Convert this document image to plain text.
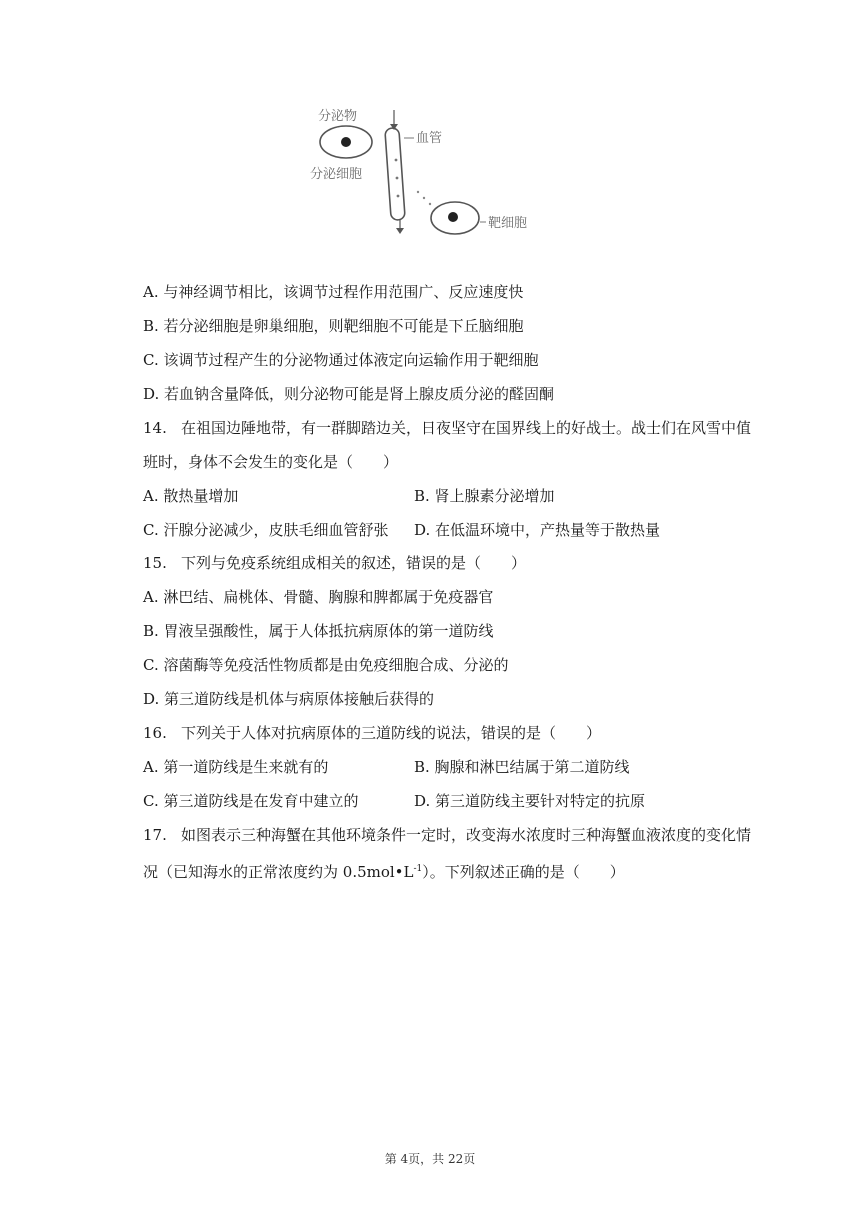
分泌物
血管
分泌细胞
靶细胞
A. 与神经调节相比，该调节过程作用范围广、反应速度快
B. 若分泌细胞是卵巢细胞，则靶细胞不可能是下丘脑细胞
C. 该调节过程产生的分泌物通过体液定向运输作用于靶细胞
D. 若血钠含量降低，则分泌物可能是肾上腺皮质分泌的醛固酮
14. 在祖国边陲地带，有一群脚踏边关，日夜坚守在国界线上的好战士。战士们在风雪中值
班时，身体不会发生的变化是（　　）
A. 散热量增加	B. 肾上腺素分泌增加
C. 汗腺分泌减少，皮肤毛细血管舒张 D. 在低温环境中，产热量等于散热量
15. 下列与免疫系统组成相关的叙述，错误的是（　　）
A. 淋巴结、扁桃体、骨髓、胸腺和脾都属于免疫器官
B. 胃液呈强酸性，属于人体抵抗病原体的第一道防线
C. 溶菌酶等免疫活性物质都是由免疫细胞合成、分泌的
D. 第三道防线是机体与病原体接触后获得的
16. 下列关于人体对抗病原体的三道防线的说法，错误的是（　　）
A. 第一道防线是生来就有的	B. 胸腺和淋巴结属于第二道防线
C. 第三道防线是在发育中建立的	D. 第三道防线主要针对特定的抗原
17. 如图表示三种海蟹在其他环境条件一定时，改变海水浓度时三种海蟹血液浓度的变化情
况（已知海水的正常浓度约为 $0.5mol•L^{-1}$）。下列叙述正确的是（　　）
第 4页，共 22页
